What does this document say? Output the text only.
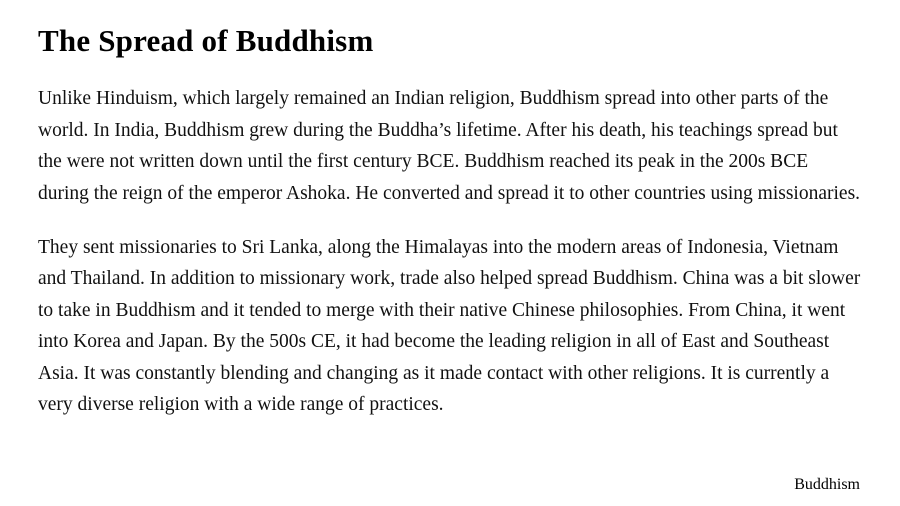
The Spread of Buddhism

Unlike Hinduism, which largely remained an Indian religion, Buddhism spread into other parts of the world. In India, Buddhism grew during the Buddha’s lifetime. After his death, his teachings spread but the were not written down until the first century BCE. Buddhism reached its peak in the 200s BCE during the reign of the emperor Ashoka. He converted and spread it to other countries using missionaries.

They sent missionaries to Sri Lanka, along the Himalayas into the modern areas of Indonesia, Vietnam and Thailand. In addition to missionary work, trade also helped spread Buddhism. China was a bit slower to take in Buddhism and it tended to merge with their native Chinese philosophies. From China, it went into Korea and Japan. By the 500s CE, it had become the leading religion in all of East and Southeast Asia. It was constantly blending and changing as it made contact with other religions. It is currently a very diverse religion with a wide range of practices.

Buddhism
